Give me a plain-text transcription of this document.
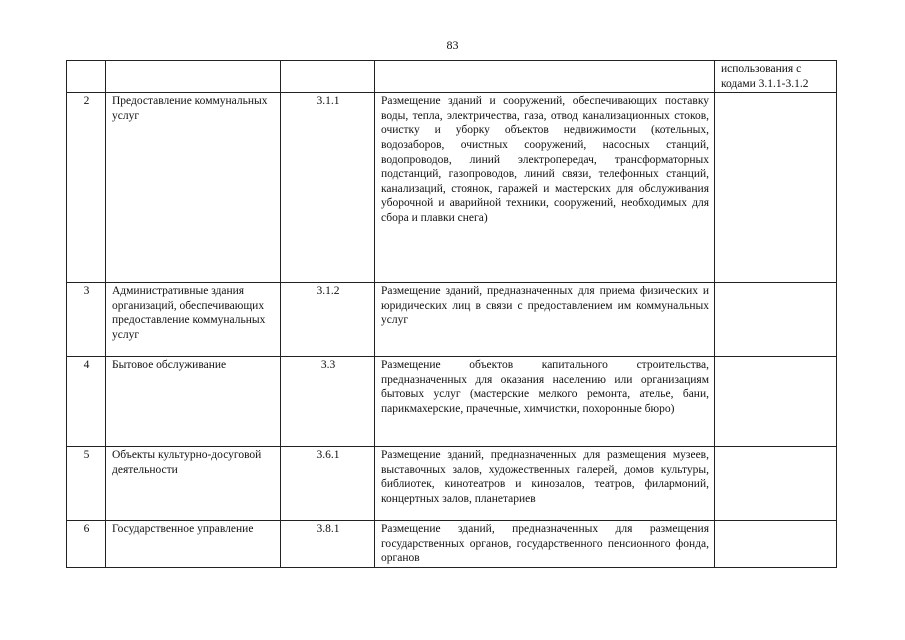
83

				использования с
кодами 3.1.1-3.1.2

2	Предоставление коммунальных услуг	3.1.1	Размещение зданий и сооружений, обеспечивающих поставку воды, тепла, электричества, газа, отвод канализационных стоков, очистку и уборку объектов недвижимости (котельных, водозаборов, очистных сооружений, насосных станций, водопроводов, линий электропередач, трансформаторных подстанций, газопроводов, линий связи, телефонных станций, канализаций, стоянок, гаражей и мастерских для обслуживания уборочной и аварийной техники, сооружений, необходимых для сбора и плавки снега)	
3	Административные здания организаций, обеспечивающих предоставление коммунальных услуг	3.1.2	Размещение зданий, предназначенных для приема физических и юридических лиц в связи с предоставлением им коммунальных услуг	
4	Бытовое обслуживание	3.3	Размещение объектов капитального строительства, предназначенных для оказания населению или организациям бытовых услуг (мастерские мелкого ремонта, ателье, бани, парикмахерские, прачечные, химчистки, похоронные бюро)	
5	Объекты культурно-досуговой деятельности	3.6.1	Размещение зданий, предназначенных для размещения музеев, выставочных залов, художественных галерей, домов культуры, библиотек, кинотеатров и кинозалов, театров, филармоний, концертных залов, планетариев	
6	Государственное управление	3.8.1	Размещение зданий, предназначенных для размещения государственных органов, государственного пенсионного фонда, органов	
